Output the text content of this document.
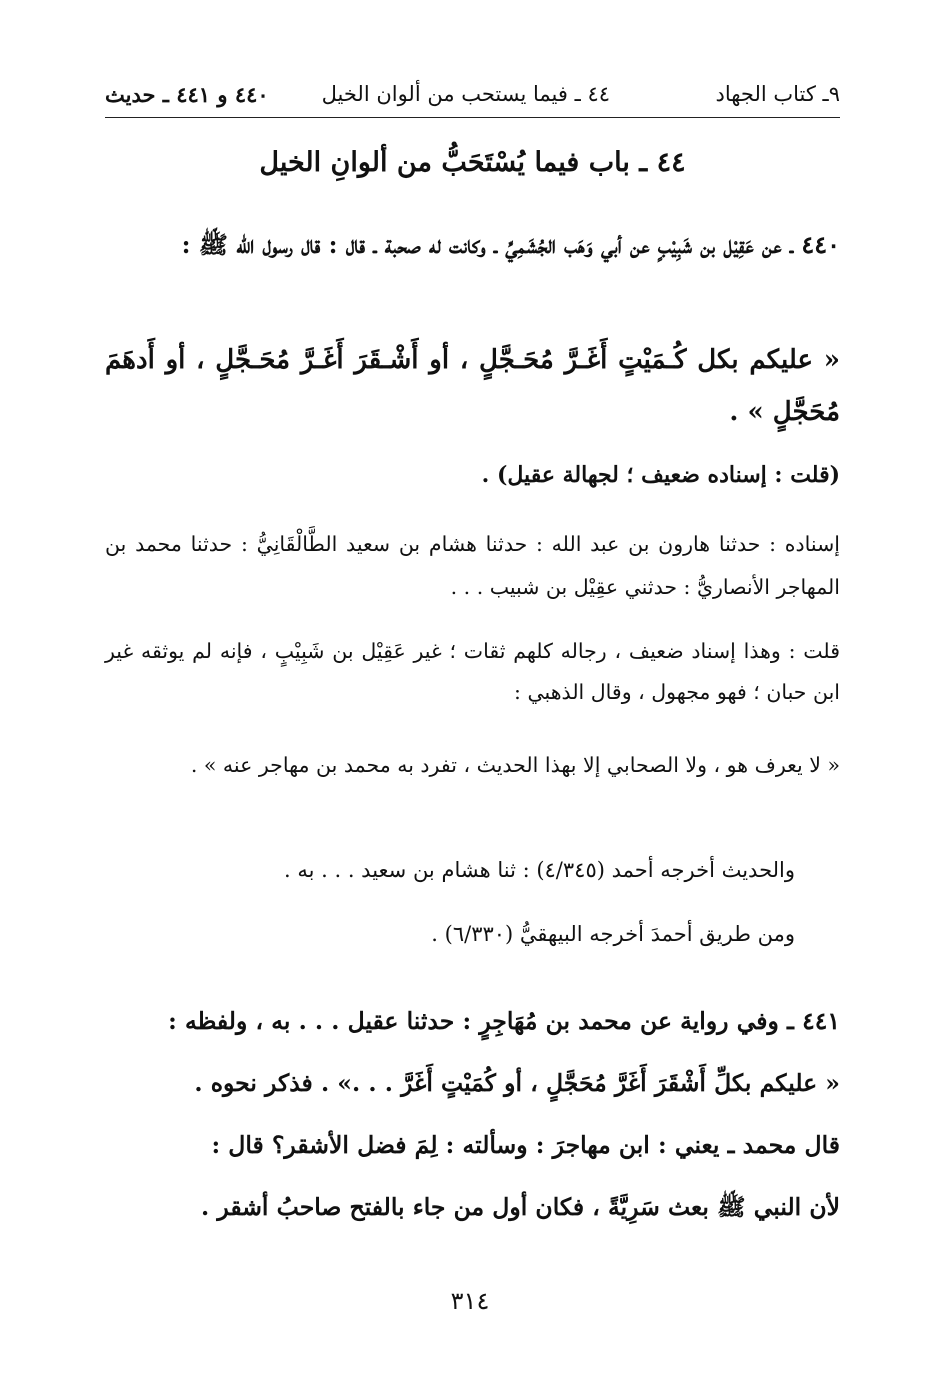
٩ـ كتاب الجهاد
٤٤ ـ فيما يستحب من ألوان الخيل
٤٤٠ و ٤٤١ ـ حديث
٤٤ ـ باب فيما يُسْتَحَبُّ من ألوانِ الخيل

٤٤٠ ـ عن عَقِيْل بن شَبِيْبٍ عن أبي وَهَب الجُشَمِيِّ ـ وكانت له صحبة ـ قال : قال رسول الله ﷺ :

« عليكم بكل كُـمَيْتٍ أَغَـرَّ مُحَـجَّلٍ ، أو أَشْـقَرَ أَغَـرَّ مُحَـجَّلٍ ، أو أَدهَمَ مُحَجَّلٍ » .

(قلت : إسناده ضعيف ؛ لجهالة عقيل) .

إسناده : حدثنا هارون بن عبد الله : حدثنا هشام بن سعيد الطَّالْقَانِيُّ : حدثنا محمد بن المهاجر الأنصاريُّ : حدثني عقِيْل بن شبيب . . .

قلت : وهذا إسناد ضعيف ، رجاله كلهم ثقات ؛ غير عَقِيْل بن شَبِيْبٍ ، فإنه لم يوثقه غير ابن حبان ؛ فهو مجهول ، وقال الذهبي :

« لا يعرف هو ، ولا الصحابي إلا بهذا الحديث ، تفرد به محمد بن مهاجر عنه » .

والحديث أخرجه أحمد (٤/٣٤٥) : ثنا هشام بن سعيد . . . به .

ومن طريق أحمدَ أخرجه البيهقيُّ (٦/٣٣٠) .

٤٤١ ـ وفي رواية عن محمد بن مُهَاجِرٍ : حدثنا عقيل . . . به ، ولفظه :

« عليكم بكلِّ أَشْقَرَ أَغَرَّ مُحَجَّلٍ ، أو كُمَيْتٍ أَغَرَّ . . .» . فذكر نحوه .

قال محمد ـ يعني : ابن مهاجرَ : وسألته : لِمَ فضل الأشقر؟ قال :

لأن النبي ﷺ بعث سَرِيَّةً ، فكان أول من جاء بالفتح صاحبُ أشقر .

٣١٤
